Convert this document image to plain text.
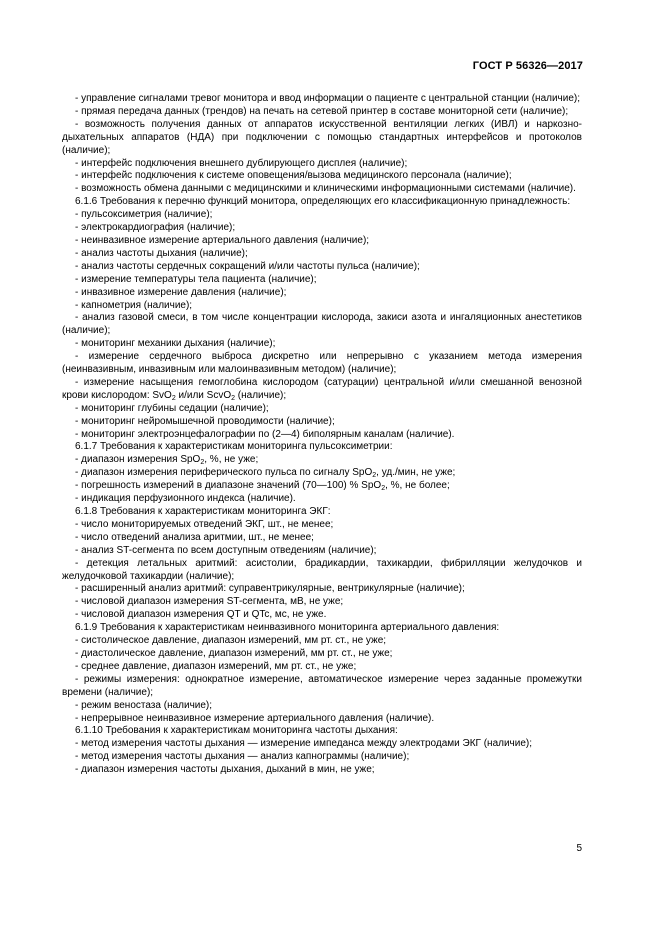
ГОСТ Р 56326—2017

- управление сигналами тревог монитора и ввод информации о пациенте с центральной станции (наличие);

- прямая передача данных (трендов) на печать на сетевой принтер в составе мониторной сети (наличие);

- возможность получения данных от аппаратов искусственной вентиляции легких (ИВЛ) и наркозно-дыхательных аппаратов (НДА) при подключении с помощью стандартных интерфейсов и протоколов (наличие);

- интерфейс подключения внешнего дублирующего дисплея (наличие);

- интерфейс подключения к системе оповещения/вызова медицинского персонала (наличие);

- возможность обмена данными с медицинскими и клиническими информационными системами (наличие).

6.1.6 Требования к перечню функций монитора, определяющих его классификационную принадлежность:

- пульсоксиметрия (наличие);

- электрокардиография (наличие);

- неинвазивное измерение артериального давления (наличие);

- анализ частоты дыхания (наличие);

- анализ частоты сердечных сокращений и/или частоты пульса (наличие);

- измерение температуры тела пациента (наличие);

- инвазивное измерение давления (наличие);

- капнометрия (наличие);

- анализ газовой смеси, в том числе концентрации кислорода, закиси азота и ингаляционных анестетиков (наличие);

- мониторинг механики дыхания (наличие);

- измерение сердечного выброса дискретно или непрерывно с указанием метода измерения (неинвазивным, инвазивным или малоинвазивным методом) (наличие);

- измерение насыщения гемоглобина кислородом (сатурации) центральной и/или смешанной венозной крови кислородом: SvO$_2$ и/или ScvO$_2$ (наличие);

- мониторинг глубины седации (наличие);

- мониторинг нейромышечной проводимости (наличие);

- мониторинг электроэнцефалографии по (2—4) биполярным каналам (наличие).

6.1.7 Требования к характеристикам мониторинга пульсоксиметрии:

- диапазон измерения SpO$_2$, %, не уже;

- диапазон измерения периферического пульса по сигналу SpO$_2$, уд./мин, не уже;

- погрешность измерений в диапазоне значений (70—100) % SpO$_2$, %, не более;

- индикация перфузионного индекса (наличие).

6.1.8 Требования к характеристикам мониторинга ЭКГ:

- число мониторируемых отведений ЭКГ, шт., не менее;

- число отведений анализа аритмии, шт., не менее;

- анализ ST-сегмента по всем доступным отведениям (наличие);

- детекция летальных аритмий: асистолии, брадикардии, тахикардии, фибрилляции желудочков и желудочковой тахикардии (наличие);

- расширенный анализ аритмий: суправентрикулярные, вентрикулярные (наличие);

- числовой диапазон измерения ST-сегмента, мВ, не уже;

- числовой диапазон измерения QT и QTc, мс, не уже.

6.1.9 Требования к характеристикам неинвазивного мониторинга артериального давления:

- систолическое давление, диапазон измерений, мм рт. ст., не уже;

- диастолическое давление, диапазон измерений, мм рт. ст., не уже;

- среднее давление, диапазон измерений, мм рт. ст., не уже;

- режимы измерения: однократное измерение, автоматическое измерение через заданные промежутки времени (наличие);

- режим веностаза (наличие);

- непрерывное неинвазивное измерение артериального давления (наличие).

6.1.10 Требования к характеристикам мониторинга частоты дыхания:

- метод измерения частоты дыхания — измерение импеданса между электродами ЭКГ (наличие);

- метод измерения частоты дыхания — анализ капнограммы (наличие);

- диапазон измерения частоты дыхания, дыханий в мин, не уже;

5
